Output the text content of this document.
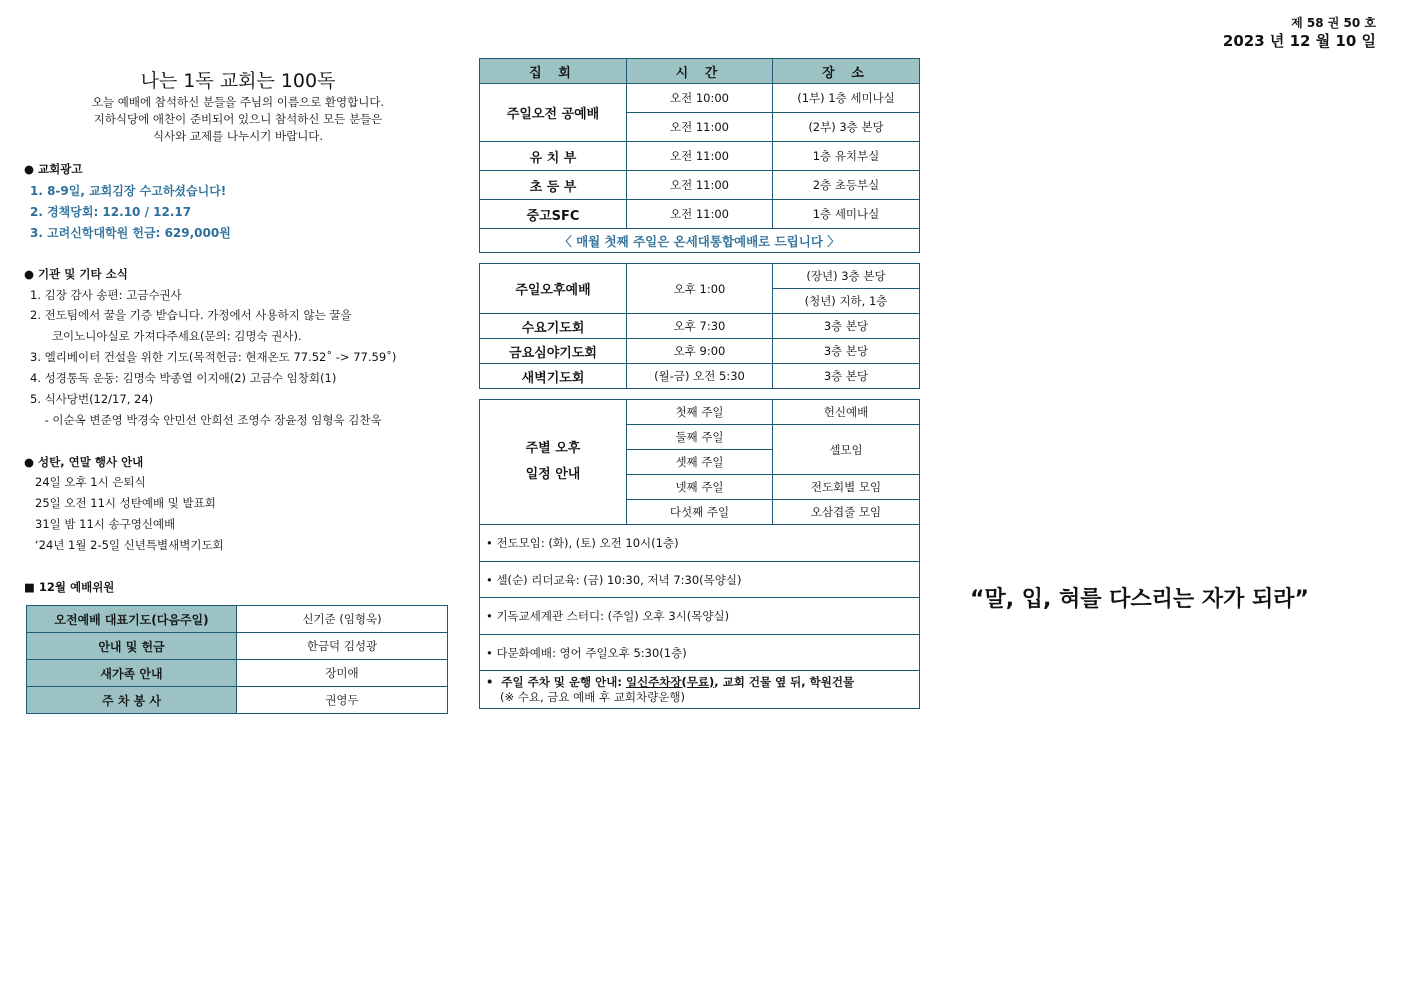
제 58 권 50 호
2023 년 12 월 10 일
나는 1독 교회는 100독
오늘 예배에 참석하신 분들을 주님의 이름으로 환영합니다.
지하식당에 애찬이 준비되어 있으니 참석하신 모든 분들은
식사와 교제를 나누시기 바랍니다.
● 교회광고
1. 8-9일, 교회김장 수고하셨습니다!
2. 경책당회: 12.10 / 12.17
3. 고려신학대학원 헌금: 629,000원
● 기관 및 기타 소식
1. 김장 감사 송편: 고금수권사
2. 전도팀에서 꿀을 기증 받습니다. 가정에서 사용하지 않는 꿀을
코이노니아실로 가져다주세요(문의: 김명숙 권사).
3. 엘리베이터 건설을 위한 기도(목적헌금: 현재온도 77.52˚ -> 77.59˚)
4. 성경통독 운동: 김명숙 박종열 이지애(2) 고금수 임창회(1)
5. 식사당번(12/17, 24)
- 이순옥 변준영 박경숙 안민선 안희선 조영수 장윤정 임형욱 김찬욱
● 성탄, 연말 행사 안내
24일 오후 1시 은퇴식
25일 오전 11시 성탄예배 및 발표회
31일 밤 11시 송구영신예배
‘24년 1월 2-5일 신년특별새벽기도회
■ 12월 예배위원
오전예배 대표기도(다음주일)	신기준 (임형욱)
안내 및 헌금	한금덕 김성광
새가족 안내	장미애
주 차 봉 사	권영두
집 회	시 간	장 소
주일오전 공예배	오전 10:00	(1부) 1층 세미나실
	오전 11:00	(2부) 3층 본당
유 치 부	오전 11:00	1층 유치부실
초 등 부	오전 11:00	2층 초등부실
중고SFC	오전 11:00	1층 세미나실
〈 매월 첫째 주일은 온세대통합예배로 드립니다 〉		
주일오후예배	오후 1:00	(장년) 3층 본당
		(청년) 지하, 1층
수요기도회	오후 7:30	3층 본당
금요심야기도회	오후 9:00	3층 본당
새벽기도회	(월-금) 오전 5:30	3층 본당
주별 오후
일정 안내	첫째 주일	헌신예배
	둘째 주일	셀모임
	셋째 주일	
	넷째 주일	전도회별 모임
	다섯째 주일	오삼겹줄 모임
• 전도모임: (화), (토) 오전 10시(1층)		
• 셀(순) 리더교육: (금) 10:30, 저녁 7:30(목양실)		
• 기독교세계관 스터디: (주일) 오후 3시(목양실)		
• 다문화예배: 영어 주일오후 5:30(1층)		

•  주일 주차 및 운행 안내: 일신주차장(무료), 교회 건물 옆 뒤, 학원건물
(※ 수요, 금요 예배 후 교회차량운행)		
“말, 입, 혀를 다스리는 자가 되라”
